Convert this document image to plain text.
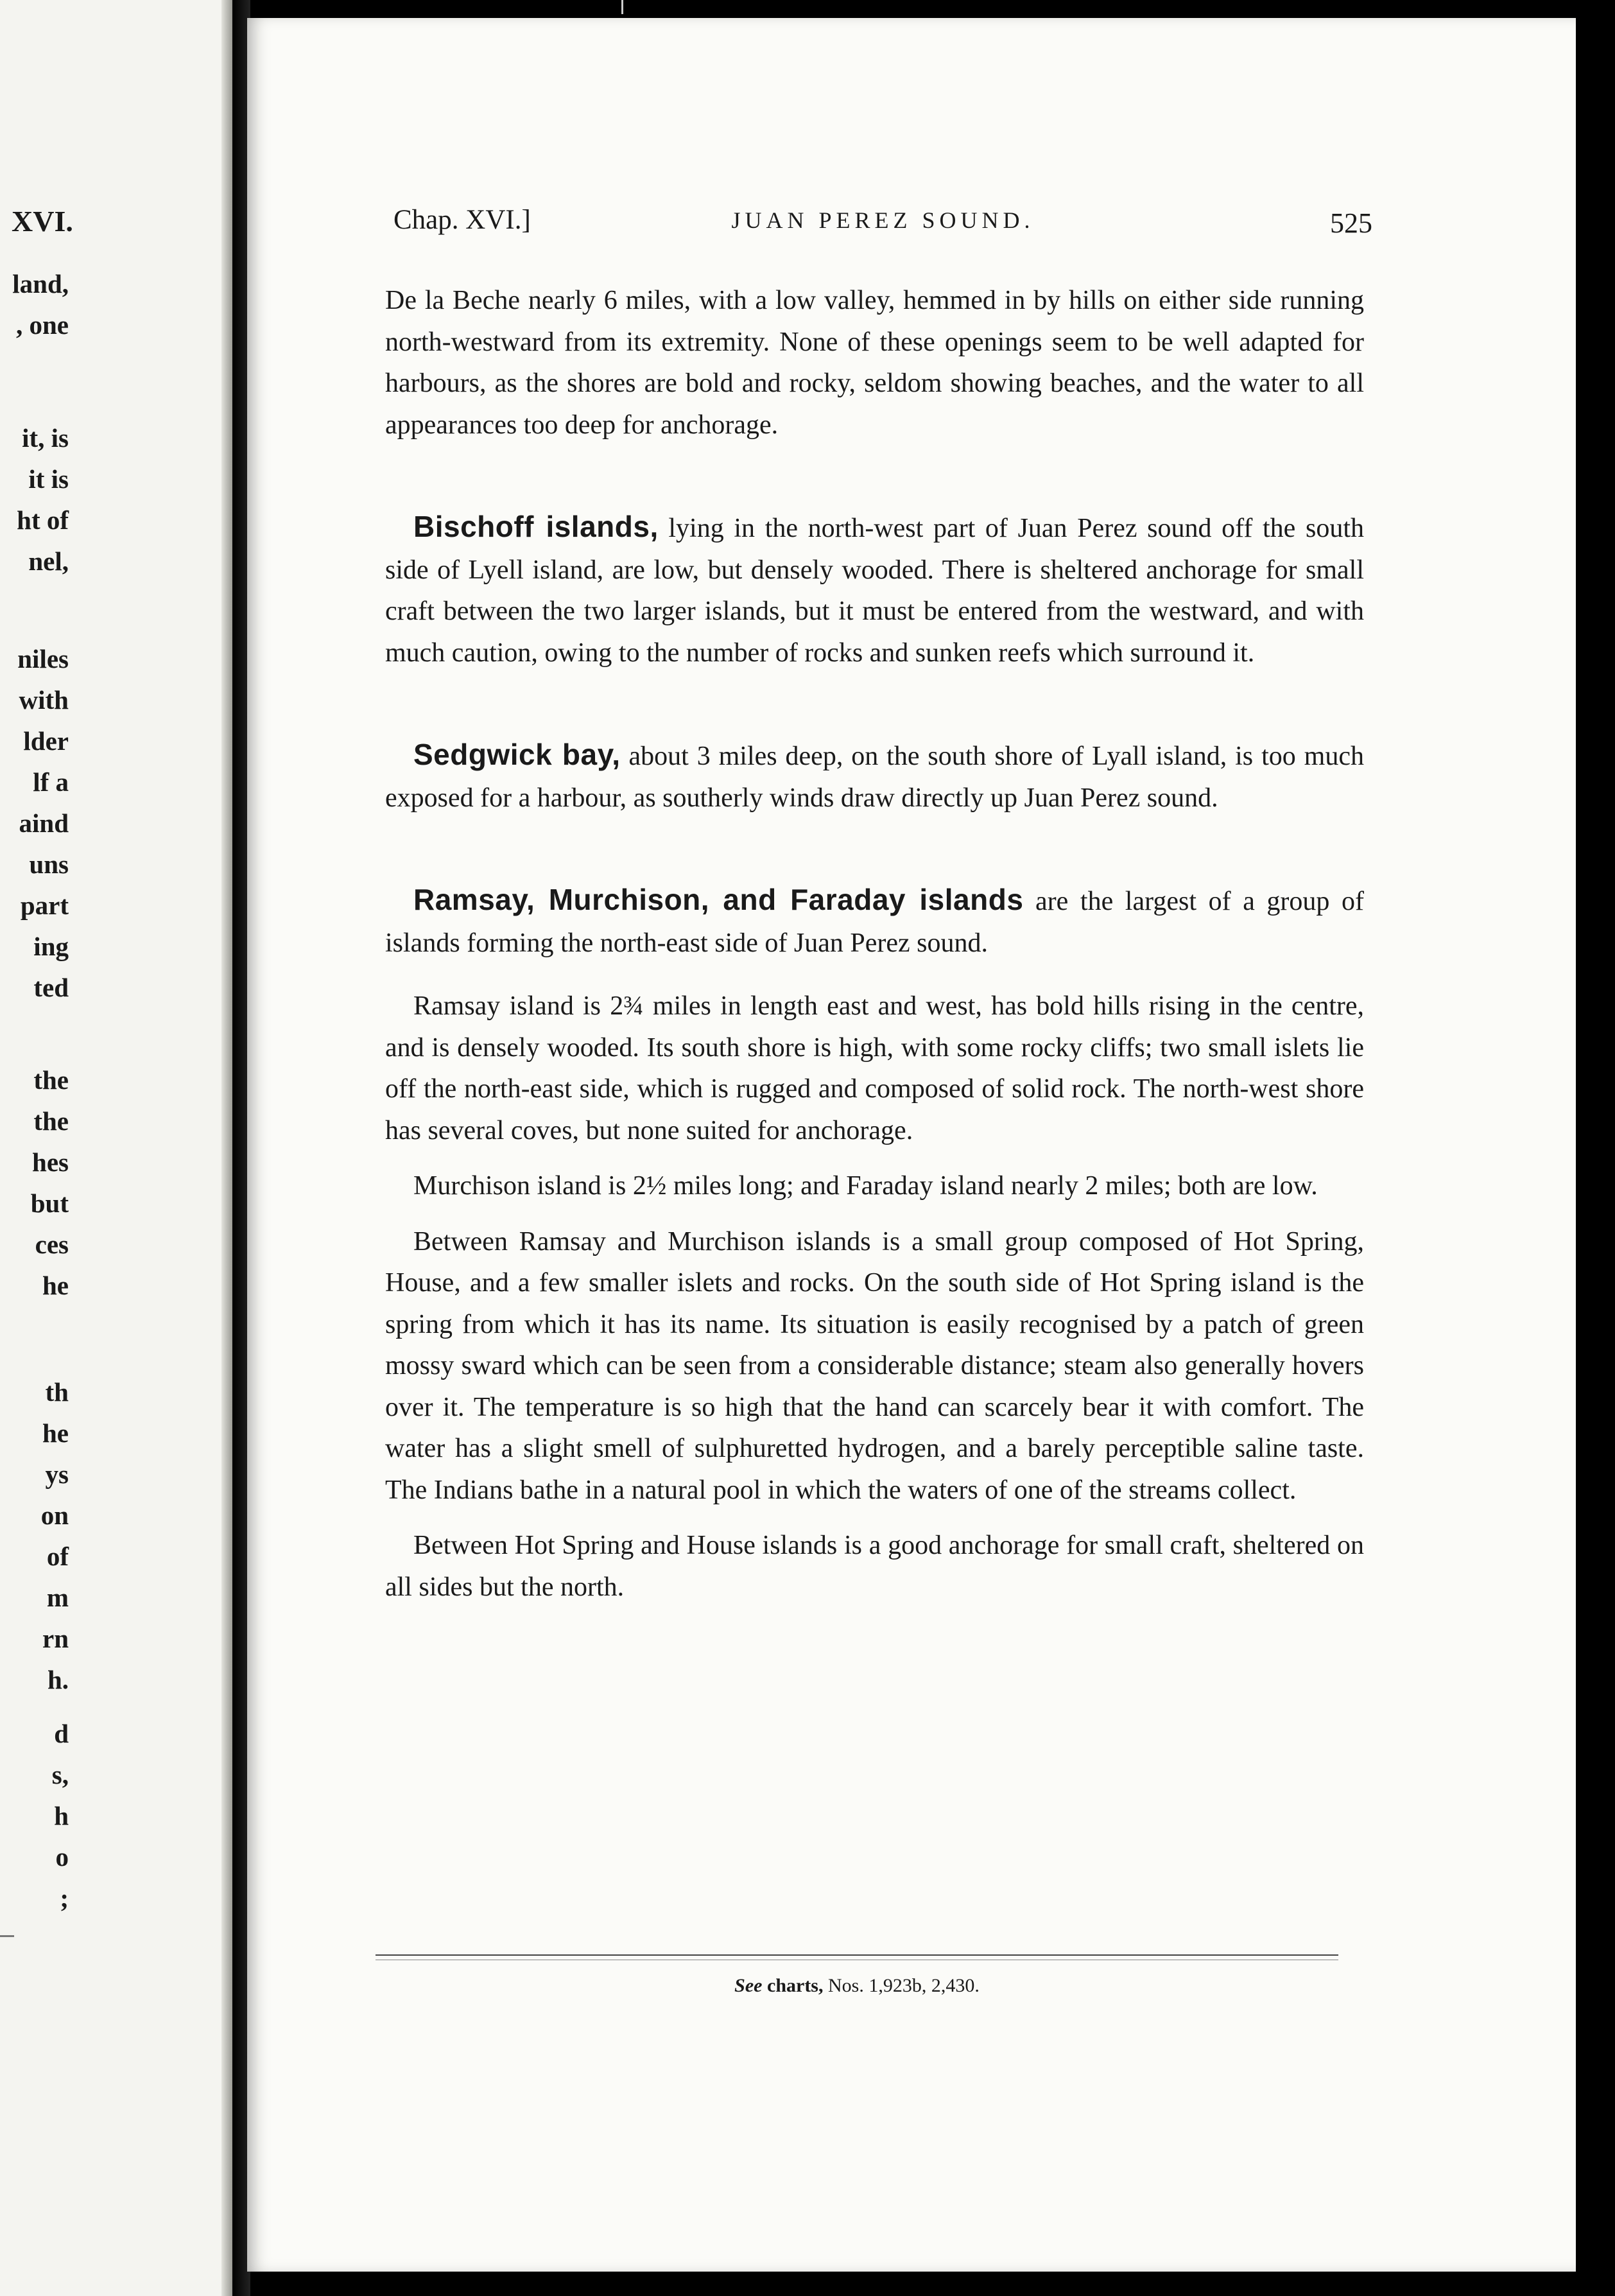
XVI.
land,
, one
it, is
it is
ht of
nel,
niles
with
lder
lf a
aind
uns
part
ing
ted
the
the
hes
but
ces
he
th
he
ys
on
of
m
rn
h.
d
s,
h
o
;
Chap. XVI.]	JUAN PEREZ SOUND.	525

De la Beche nearly 6 miles, with a low valley, hemmed in by hills on either side running north-westward from its extremity. None of these openings seem to be well adapted for harbours, as the shores are bold and rocky, seldom showing beaches, and the water to all appearances too deep for anchorage.

Bischoff islands, lying in the north-west part of Juan Perez sound off the south side of Lyell island, are low, but densely wooded. There is sheltered anchorage for small craft between the two larger islands, but it must be entered from the westward, and with much caution, owing to the number of rocks and sunken reefs which surround it.

Sedgwick bay, about 3 miles deep, on the south shore of Lyall island, is too much exposed for a harbour, as southerly winds draw directly up Juan Perez sound.

Ramsay, Murchison, and Faraday islands are the largest of a group of islands forming the north-east side of Juan Perez sound.

Ramsay island is 2¾ miles in length east and west, has bold hills rising in the centre, and is densely wooded. Its south shore is high, with some rocky cliffs; two small islets lie off the north-east side, which is rugged and composed of solid rock. The north-west shore has several coves, but none suited for anchorage.

Murchison island is 2½ miles long; and Faraday island nearly 2 miles; both are low.

Between Ramsay and Murchison islands is a small group composed of Hot Spring, House, and a few smaller islets and rocks. On the south side of Hot Spring island is the spring from which it has its name. Its situation is easily recognised by a patch of green mossy sward which can be seen from a considerable distance; steam also generally hovers over it. The temperature is so high that the hand can scarcely bear it with comfort. The water has a slight smell of sulphuretted hydrogen, and a barely perceptible saline taste. The Indians bathe in a natural pool in which the waters of one of the streams collect.

Between Hot Spring and House islands is a good anchorage for small craft, sheltered on all sides but the north.

See charts, Nos. 1,923b, 2,430.
